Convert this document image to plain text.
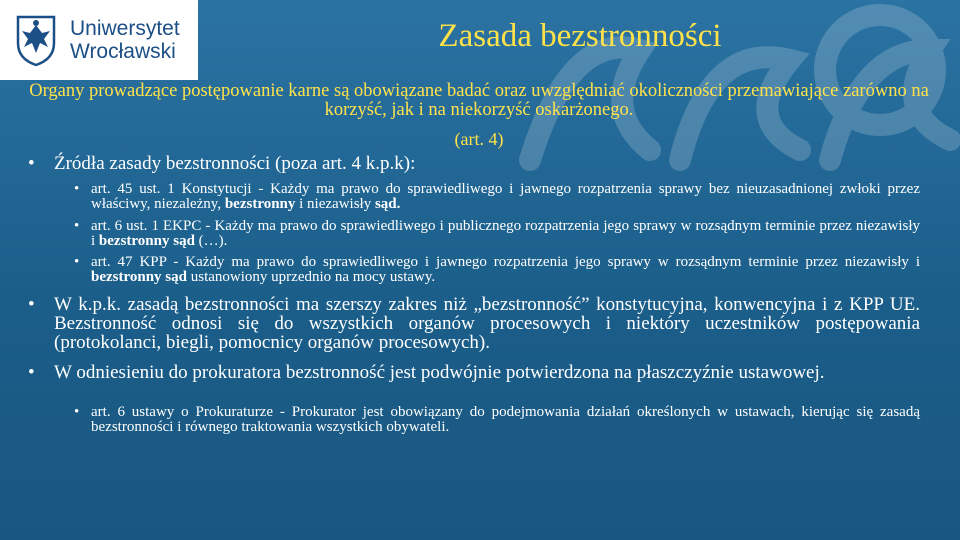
Uniwersytet
Wrocławski	Zasada bezstronności

Organy prowadzące postępowanie karne są obowiązane badać oraz uwzględniać okoliczności przemawiające zarówno na korzyść, jak i na niekorzyść oskarżonego.

(art. 4)

•	Źródła zasady bezstronności (poza art. 4 k.p.k):
• art. 45 ust. 1 Konstytucji - Każdy ma prawo do sprawiedliwego i jawnego rozpatrzenia sprawy bez nieuzasadnionej zwłoki przez właściwy, niezależny, bezstronny i niezawisły sąd.
• art. 6 ust. 1 EKPC - Każdy ma prawo do sprawiedliwego i publicznego rozpatrzenia jego sprawy w rozsądnym terminie przez niezawisły i bezstronny sąd (…).
• art. 47 KPP - Każdy ma prawo do sprawiedliwego i jawnego rozpatrzenia jego sprawy w rozsądnym terminie przez niezawisły i bezstronny sąd ustanowiony uprzednio na mocy ustawy.
•	W k.p.k. zasadą bezstronności ma szerszy zakres niż „bezstronność” konstytucyjna, konwencyjna i z KPP UE. Bezstronność odnosi się do wszystkich organów procesowych i niektóry uczestników postępowania (protokolanci, biegli, pomocnicy organów procesowych).
•	W odniesieniu do prokuratora bezstronność jest podwójnie potwierdzona na płaszczyźnie ustawowej.
• art. 6 ustawy o Prokuraturze - Prokurator jest obowiązany do podejmowania działań określonych w ustawach, kierując się zasadą bezstronności i równego traktowania wszystkich obywateli.
